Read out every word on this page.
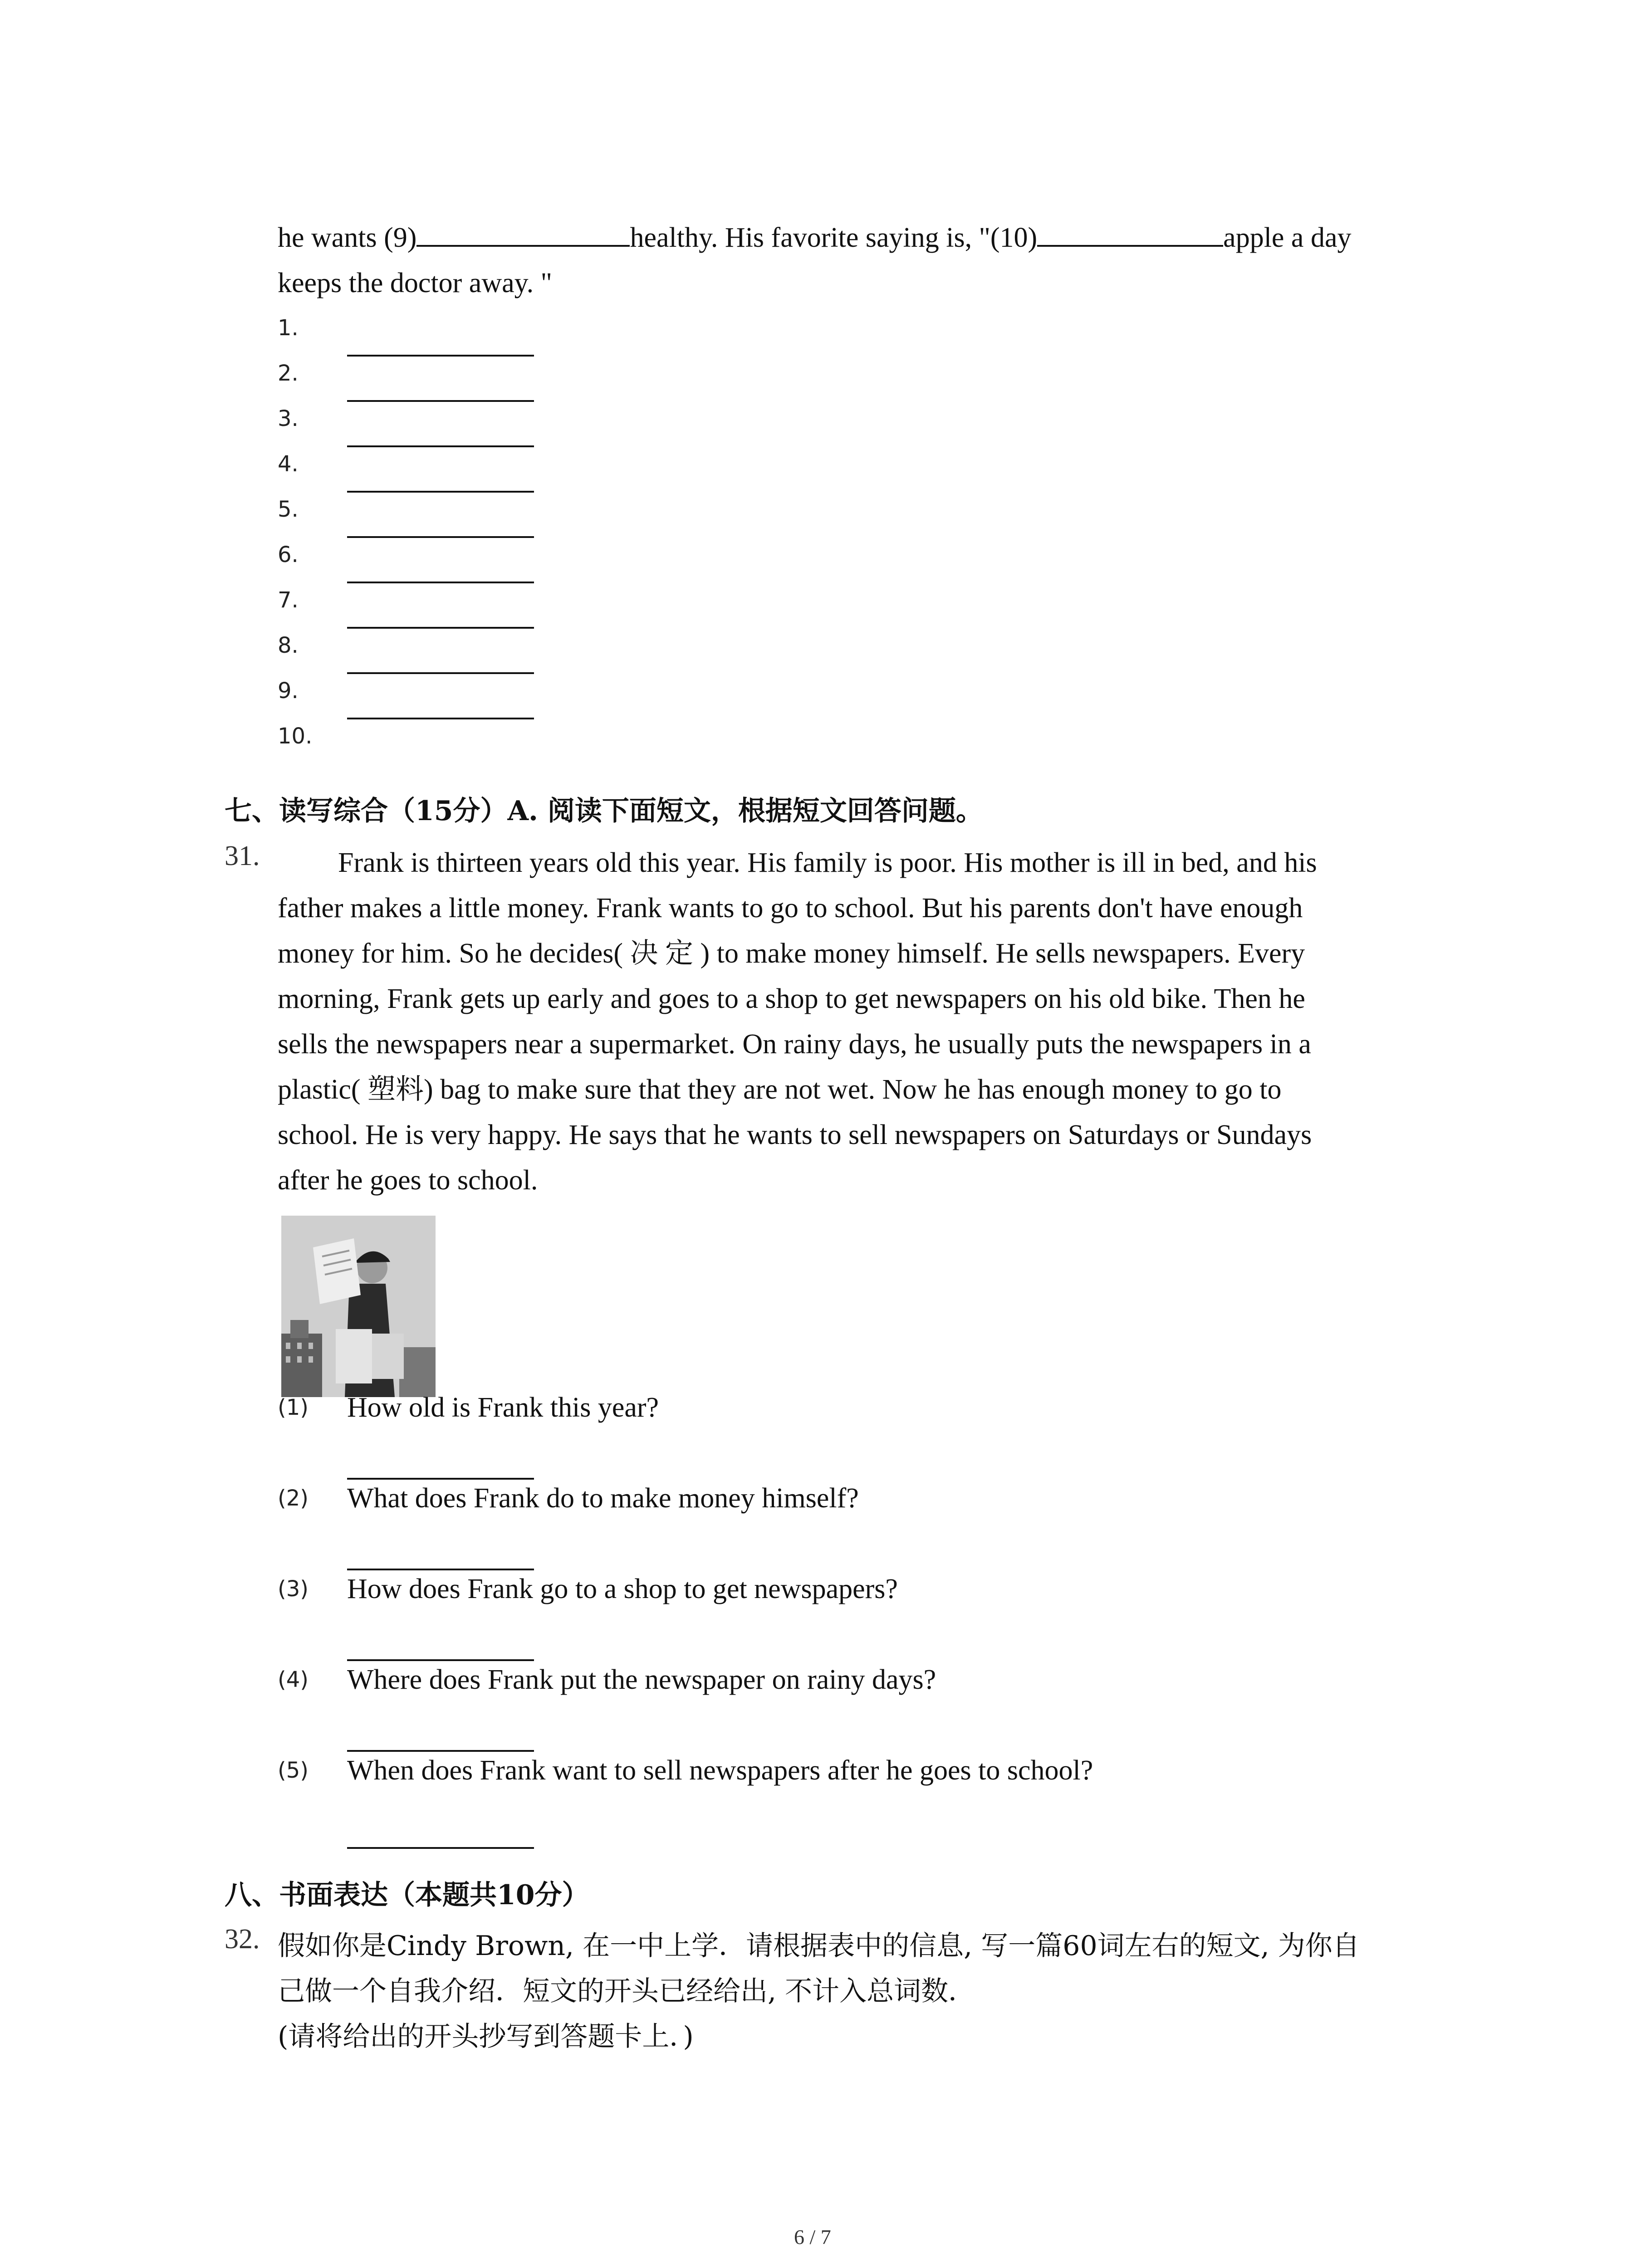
he wants (9)	healthy. His favorite saying is, "(10)	apple a day
keeps the doctor away. "
1.
2.
3.
4.
5.
6.
7.
8.
9.
10.
七、读写综合（15分）A. 阅读下面短文，根据短文回答问题。
31.	Frank is thirteen years old this year. His family is poor. His mother is ill in bed, and his
father makes a little money. Frank wants to go to school. But his parents don't have enough
money for him. So he decides( 决 定 ) to make money himself. He sells newspapers. Every
morning, Frank gets up early and goes to a shop to get newspapers on his old bike. Then he
sells the newspapers near a supermarket. On rainy days, he usually puts the newspapers in a
plastic( 塑料) bag to make sure that they are not wet. Now he has enough money to go to
school. He is very happy. He says that he wants to sell newspapers on Saturdays or Sundays
after he goes to school.
(1) How old is Frank this year?
(2) What does Frank do to make money himself?
(3) How does Frank go to a shop to get newspapers?
(4) Where does Frank put the newspaper on rainy days?
(5) When does Frank want to sell newspapers after he goes to school?
八、书面表达（本题共10分）
32. 假如你是Cindy Brown, 在一中上学．请根据表中的信息, 写一篇60词左右的短文, 为你自
己做一个自我介绍．短文的开头已经给出, 不计入总词数．
(请将给出的开头抄写到答题卡上．)
6 / 7
